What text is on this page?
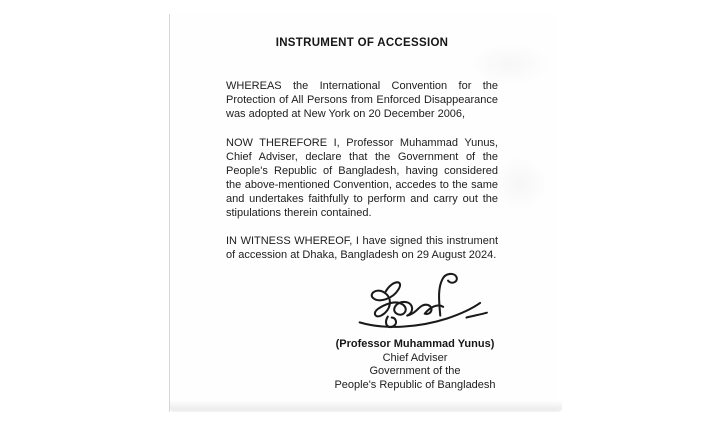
INSTRUMENT OF ACCESSION

WHEREAS the International Convention for the Protection of All Persons from Enforced Disappearance was adopted at New York on 20 December 2006,

NOW THEREFORE I, Professor Muhammad Yunus, Chief Adviser, declare that the Government of the People's Republic of Bangladesh, having considered the above-mentioned Convention, accedes to the same and undertakes faithfully to perform and carry out the stipulations therein contained.

IN WITNESS WHEREOF, I have signed this instrument of accession at Dhaka, Bangladesh on 29 August 2024.

(Professor Muhammad Yunus)
Chief Adviser
Government of the
People's Republic of Bangladesh
